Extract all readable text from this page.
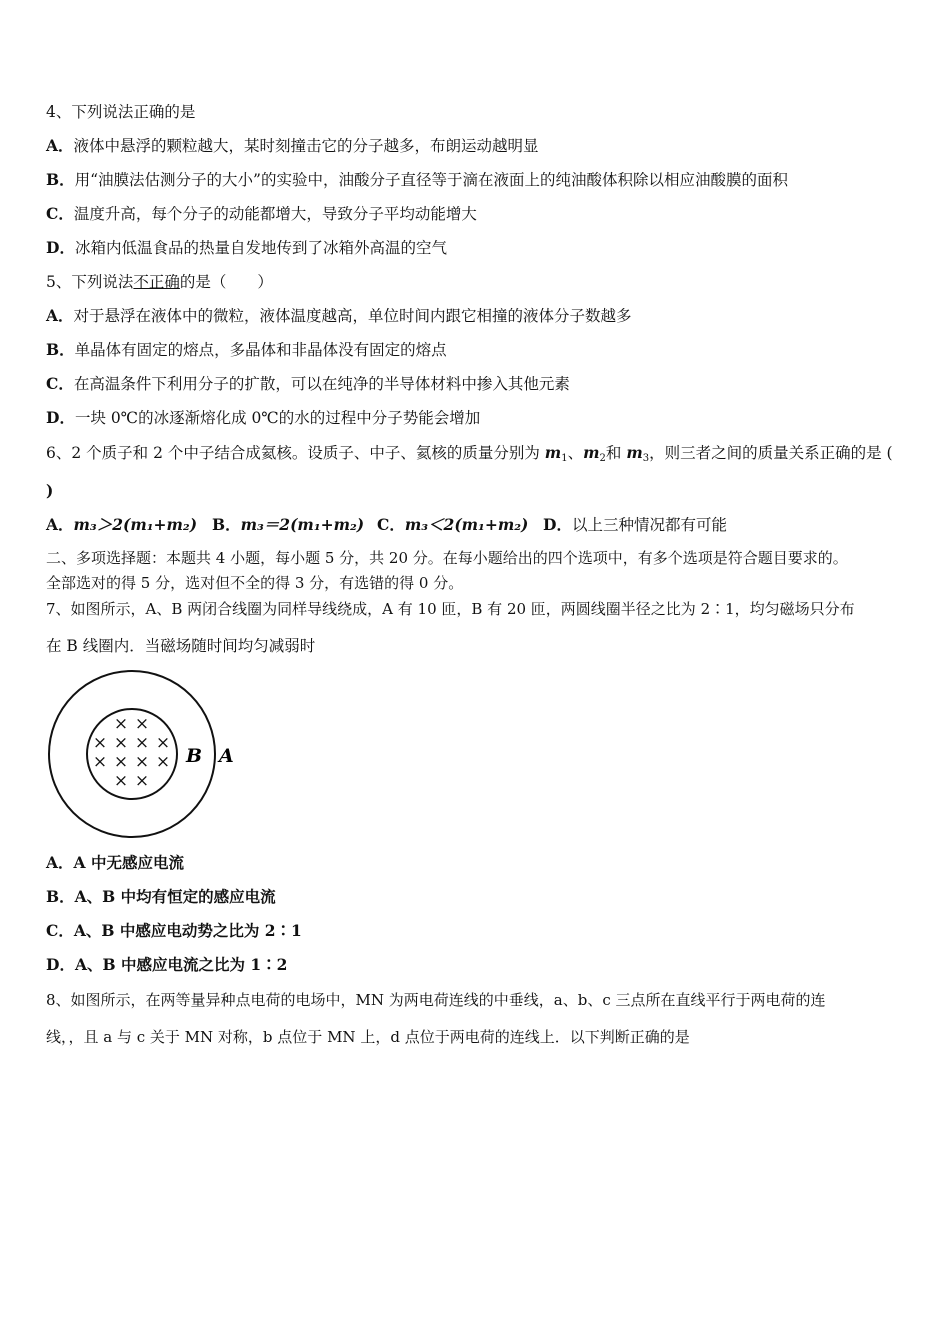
4、下列说法正确的是
A．液体中悬浮的颗粒越大，某时刻撞击它的分子越多，布朗运动越明显
B．用“油膜法估测分子的大小”的实验中，油酸分子直径等于滴在液面上的纯油酸体积除以相应油酸膜的面积
C．温度升高，每个分子的动能都增大，导致分子平均动能增大
D．冰箱内低温食品的热量自发地传到了冰箱外高温的空气
5、下列说法不正确的是（　　）
A．对于悬浮在液体中的微粒，液体温度越高，单位时间内跟它相撞的液体分子数越多
B．单晶体有固定的熔点，多晶体和非晶体没有固定的熔点
C．在高温条件下利用分子的扩散，可以在纯净的半导体材料中掺入其他元素
D．一块 0℃的冰逐渐熔化成 0℃的水的过程中分子势能会增加
6、2 个质子和 2 个中子结合成氦核。设质子、中子、氦核的质量分别为 $m_1$、$m_2$和 $m_3$，则三者之间的质量关系正确的是 (
)
A．m₃＞2(m₁+m₂) B．m₃＝2(m₁+m₂) C．m₃＜2(m₁+m₂) D．以上三种情况都有可能
二、多项选择题：本题共 4 小题，每小题 5 分，共 20 分。在每小题给出的四个选项中，有多个选项是符合题目要求的。
全部选对的得 5 分，选对但不全的得 3 分，有选错的得 0 分。
7、如图所示，A、B 两闭合线圈为同样导线绕成，A 有 10 匝，B 有 20 匝，两圆线圈半径之比为 2∶1，均匀磁场只分布
在 B 线圈内．当磁场随时间均匀减弱时
× ×
× × × ×
× × × ×
× ×
B A
A．A 中无感应电流
B．A、B 中均有恒定的感应电流
C．A、B 中感应电动势之比为 2∶1
D．A、B 中感应电流之比为 1∶2
8、如图所示，在两等量异种点电荷的电场中，MN 为两电荷连线的中垂线，a、b、c 三点所在直线平行于两电荷的连
线，，且 a 与 c 关于 MN 对称，b 点位于 MN 上，d 点位于两电荷的连线上．以下判断正确的是
